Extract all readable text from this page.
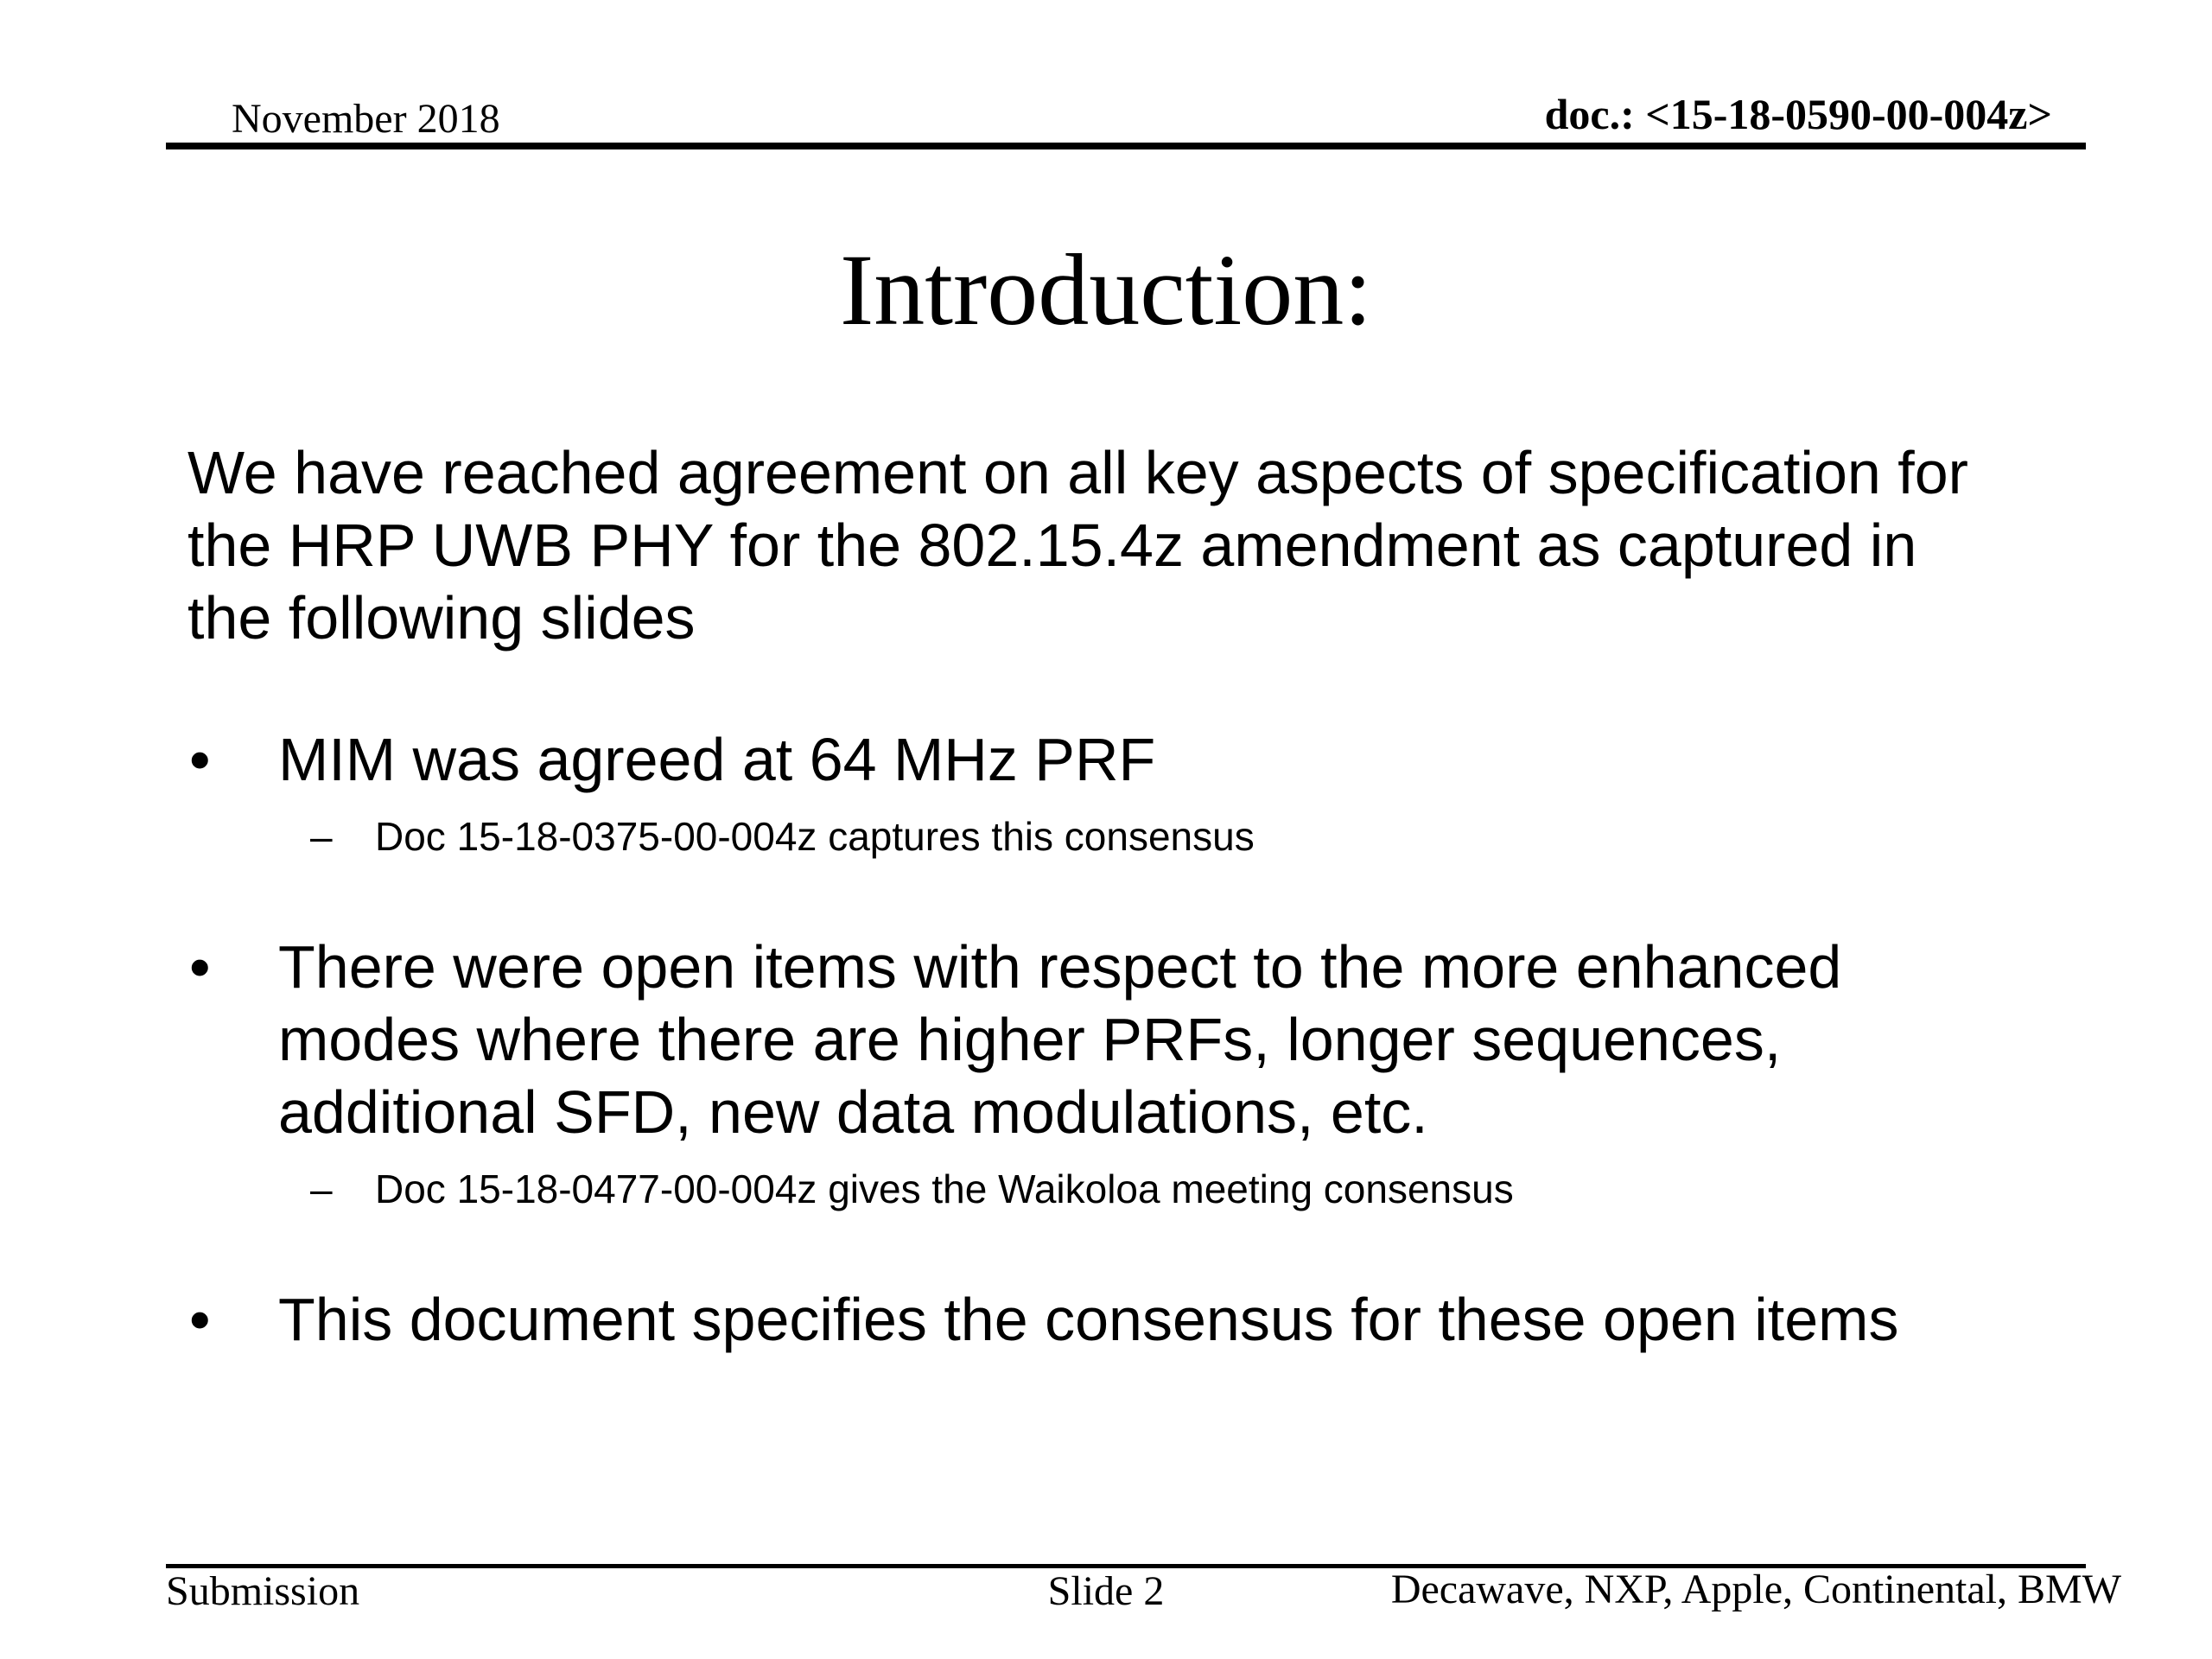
November 2018	doc.: <15-18-0590-00-004z>
Introduction:
We have reached agreement on all key aspects of specification for
the HRP UWB PHY for the 802.15.4z amendment as captured in
the following slides
•	MIM was agreed at 64 MHz PRF
–	Doc 15-18-0375-00-004z captures this consensus
•	There were open items with respect to the more enhanced
modes where there are higher PRFs, longer sequences,
additional SFD, new data modulations, etc.
–	Doc 15-18-0477-00-004z gives the Waikoloa meeting consensus
•	This document specifies the consensus for these open items
Submission	Slide 2	Decawave, NXP, Apple, Continental, BMW
